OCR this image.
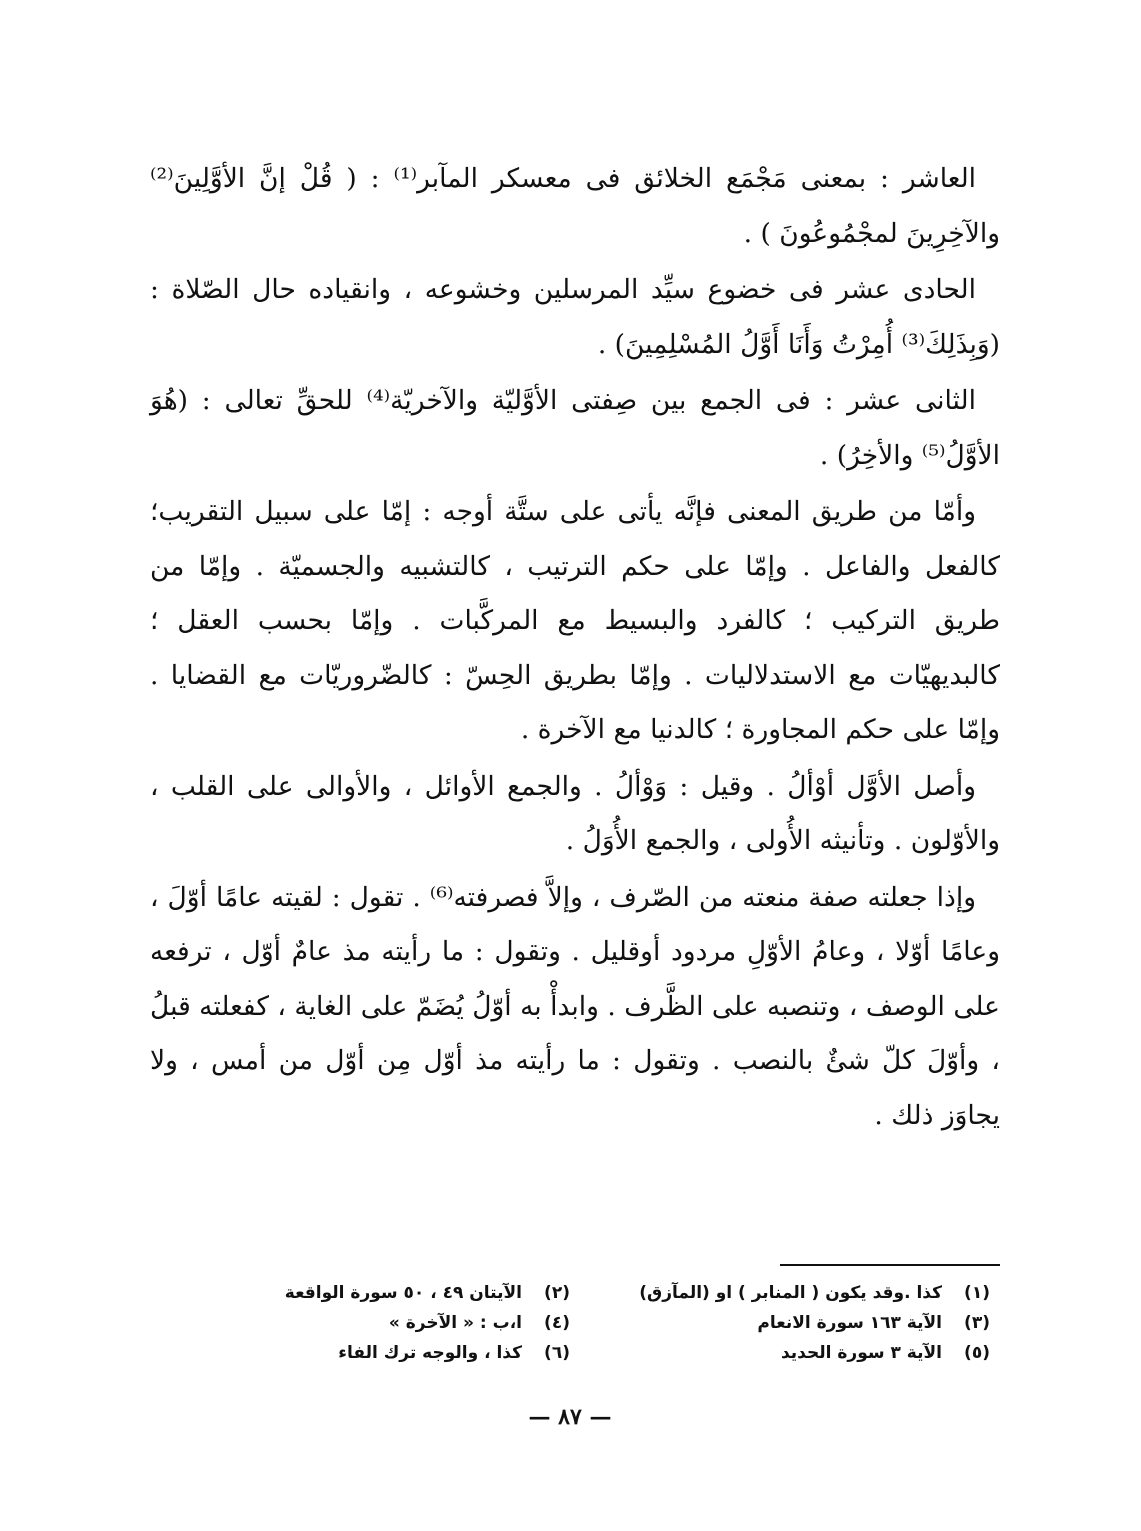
العاشر : بمعنى مَجْمَع الخلائق فى معسكر المآبر⁽¹⁾ : ( قُلْ إنَّ الأوَّلِينَ⁽²⁾ والآخِرِينَ لمجْمُوعُونَ ) .

الحادى عشر فى خضوع سيِّد المرسلين وخشوعه ، وانقياده حال الصّلاة : (وَبِذَلِكَ⁽³⁾ أُمِرْتُ وَأَنَا أَوَّلُ المُسْلِمِينَ) .

الثانى عشر : فى الجمع بين صِفتى الأوَّليّة والآخريّة⁽⁴⁾ للحقِّ تعالى : (هُوَ الأوَّلُ⁽⁵⁾ والأخِرُ) .

وأمّا من طريق المعنى فإنَّه يأتى على ستَّة أوجه : إمّا على سبيل التقريب؛ كالفعل والفاعل . وإمّا على حكم الترتيب ، كالتشبيه والجسميّة . وإمّا من طريق التركيب ؛ كالفرد والبسيط مع المركَّبات . وإمّا بحسب العقل ؛ كالبديهيّات مع الاستدلاليات . وإمّا بطريق الحِسّ : كالضّروريّات مع القضايا . وإمّا على حكم المجاورة ؛ كالدنيا مع الآخرة .

وأصل الأوَّل أوْألُ . وقيل : وَوْألُ . والجمع الأوائل ، والأوالى على القلب ، والأوّلون . وتأنيثه الأُولى ، والجمع الأُوَلُ .

وإذا جعلته صفة منعته من الصّرف ، وإلاَّ فصرفته⁽⁶⁾ . تقول : لقيته عامًا أوّلَ ، وعامًا أوّلا ، وعامُ الأوّلِ مردود أوقليل . وتقول : ما رأيته مذ عامٌ أوّل ، ترفعه على الوصف ، وتنصبه على الظَّرف . وابدأْ به أوّلُ يُضَمّ على الغاية ، كفعلته قبلُ ، وأوّلَ كلّ شئٌ بالنصب . وتقول : ما رأيته مذ أوّل مِن أوّل من أمس ، ولا يجاوَز ذلك .

(١)
كذا .وقد يكون ( المنابر ) او (المآزق)
(٢)
الآيتان ٤٩ ، ٥٠ سورة الواقعة
(٣)
الآية ١٦٣ سورة الانعام
(٤)
ا،ب : « الآخرة »
(٥)
الآية ٣ سورة الحديد
(٦)
كذا ، والوجه ترك الفاء
— ٨٧ —
